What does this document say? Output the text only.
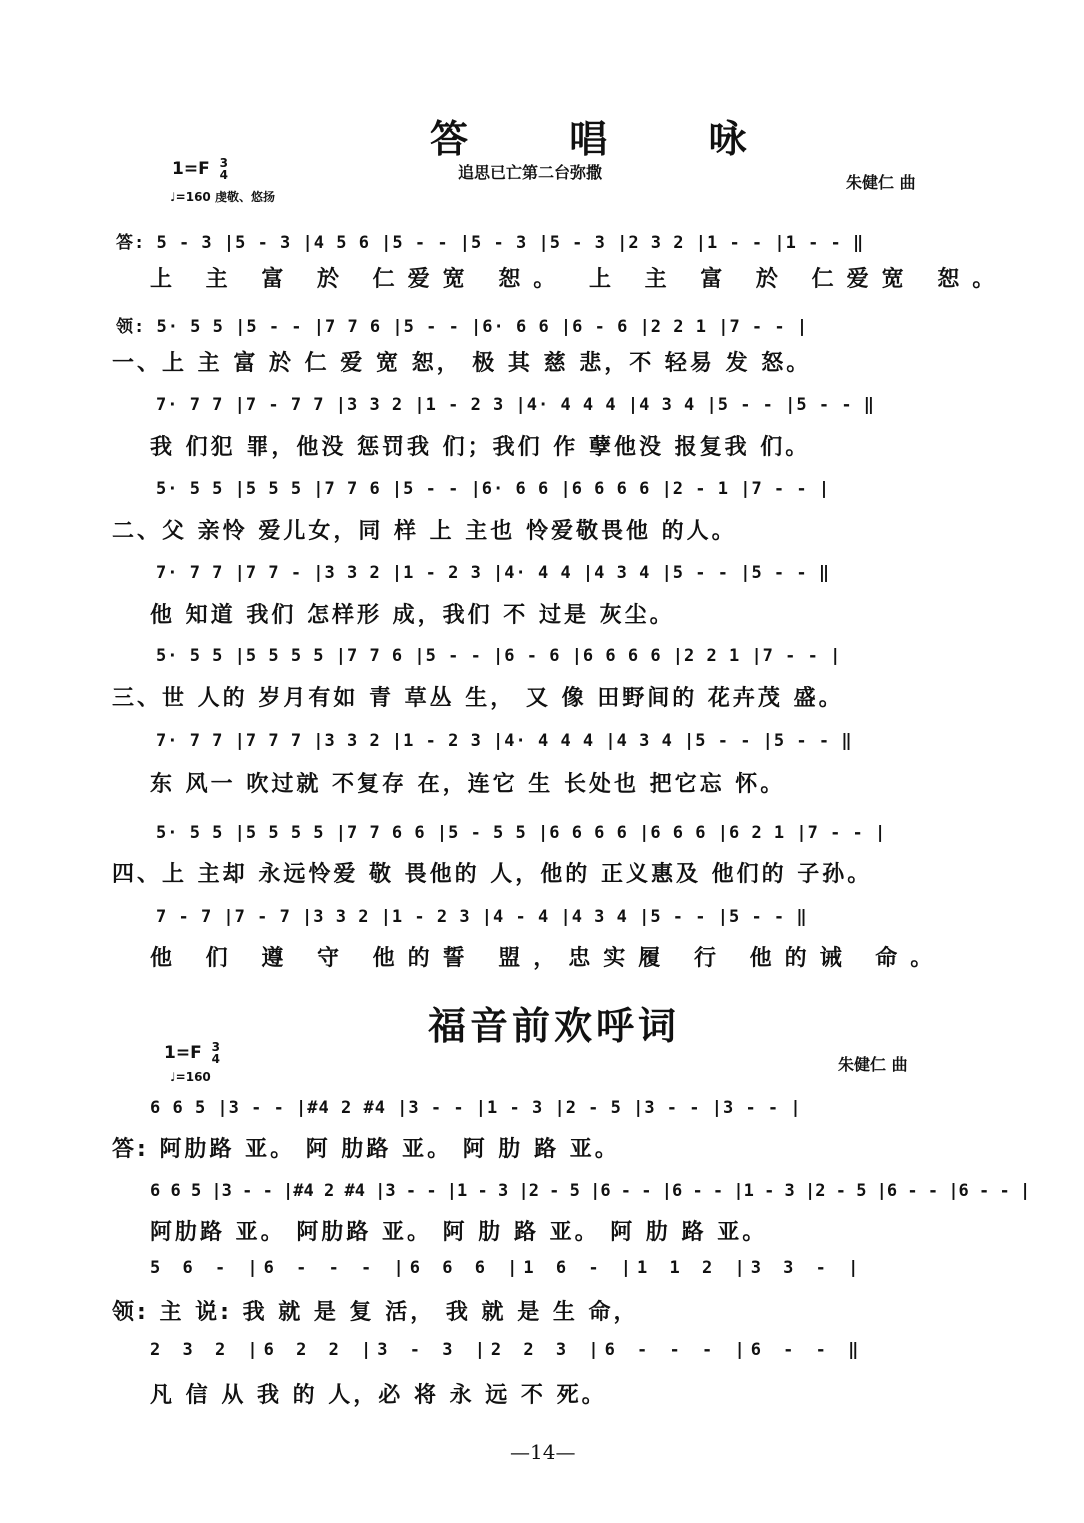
答 唱 咏
1=F 3
4
♩=160 虔敬、悠扬
追思已亡第二台弥撒
朱健仁 曲
答: 5 - 3 |5 - 3 |4 5 6 |5 - - |5 - 3 |5 - 3 |2 3 2 |1 - - |1 - - ‖
上 主 富 於 仁爱宽 恕。 上 主 富 於 仁爱宽 恕。
领: 5· 5 5 |5 - - |7 7 6 |5 - - |6· 6 6 |6 - 6 |2 2 1 |7 - - |
一、上 主 富 於 仁 爱 宽 恕， 极 其 慈 悲，不 轻易 发 怒。
7· 7 7 |7 - 7 7 |3 3 2 |1 - 2 3 |4· 4 4 4 |4 3 4 |5 - - |5 - - ‖
我 们犯 罪，他没 惩罚我 们；我们 作 孽他没 报复我 们。
5· 5 5 |5 5 5 |7 7 6 |5 - - |6· 6 6 |6 6 6 6 |2 - 1 |7 - - |
二、父 亲怜 爱儿女，同 样 上 主也 怜爱敬畏他 的人。
7· 7 7 |7 7 - |3 3 2 |1 - 2 3 |4· 4 4 |4 3 4 |5 - - |5 - - ‖
他 知道 我们 怎样形 成，我们 不 过是 灰尘。
5· 5 5 |5 5 5 5 |7 7 6 |5 - - |6 - 6 |6 6 6 6 |2 2 1 |7 - - |
三、世 人的 岁月有如 青 草丛 生， 又 像 田野间的 花卉茂 盛。
7· 7 7 |7 7 7 |3 3 2 |1 - 2 3 |4· 4 4 4 |4 3 4 |5 - - |5 - - ‖
东 风一 吹过就 不复存 在，连它 生 长处也 把它忘 怀。
5· 5 5 |5 5 5 5 |7 7 6 6 |5 - 5 5 |6 6 6 6 |6 6 6 |6 2 1 |7 - - |
四、上 主却 永远怜爱 敬 畏他的 人，他的 正义惠及 他们的 子孙。
7 - 7 |7 - 7 |3 3 2 |1 - 2 3 |4 - 4 |4 3 4 |5 - - |5 - - ‖
他 们 遵 守 他的誓 盟，忠实履 行 他的诫 命。
福音前欢呼词
1=F 3
4
♩=160
朱健仁 曲
6 6 5 |3 - - |#4 2 #4 |3 - - |1 - 3 |2 - 5 |3 - - |3 - - |
答: 阿肋路 亚。 阿 肋路 亚。 阿 肋 路 亚。
6 6 5 |3 - - |#4 2 #4 |3 - - |1 - 3 |2 - 5 |6 - - |6 - - |1 - 3 |2 - 5 |6 - - |6 - - |
阿肋路 亚。 阿肋路 亚。 阿 肋 路 亚。 阿 肋 路 亚。
5 6 - |6 - - - |6 6 6 |1 6 - |1 1 2 |3 3 - |
领: 主 说: 我 就 是 复 活， 我 就 是 生 命，
2 3 2 |6 2 2 |3 - 3 |2 2 3 |6 - - - |6 - - ‖
凡 信 从 我 的 人，必 将 永 远 不 死。
—14—
